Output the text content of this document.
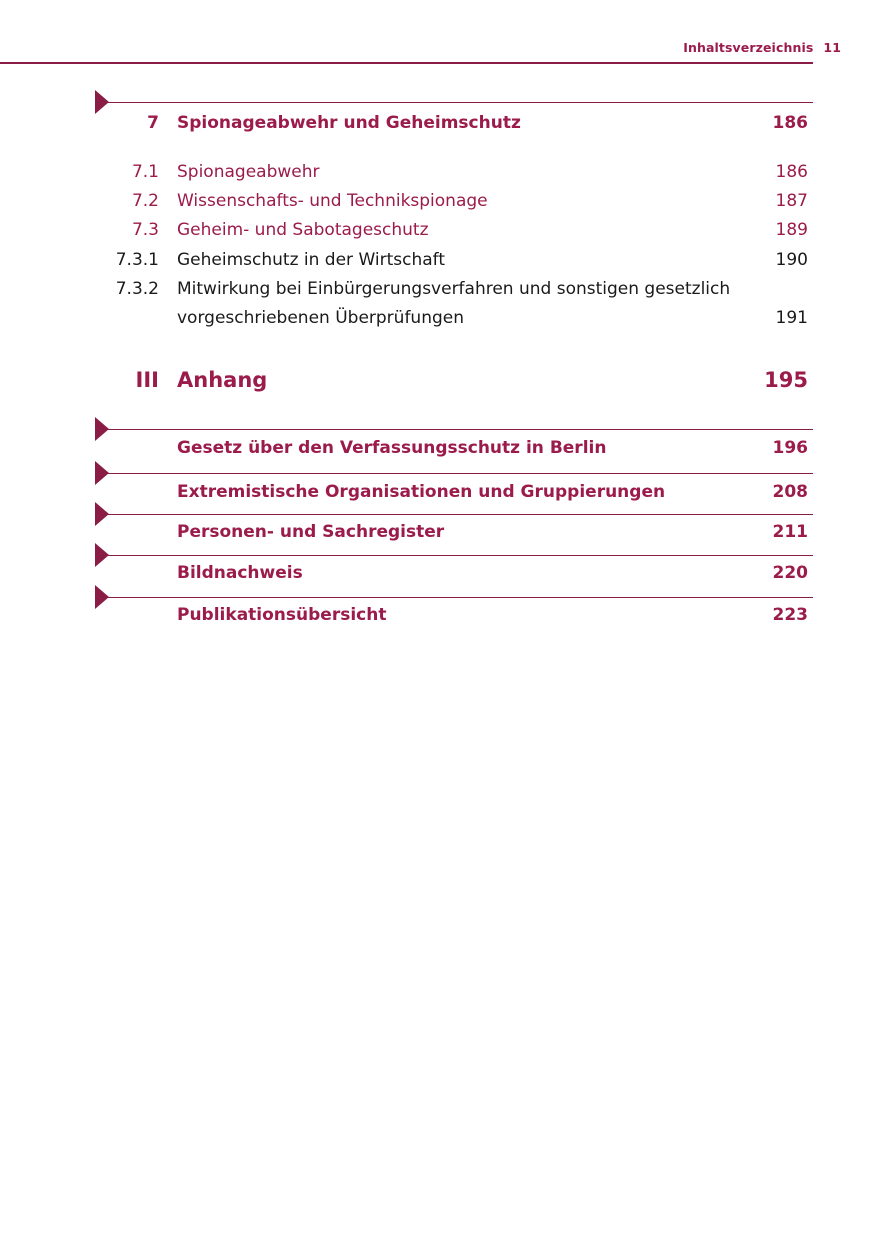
Inhaltsverzeichnis 11
7 Spionageabwehr und Geheimschutz	186
7.1 Spionageabwehr	186
7.2 Wissenschafts- und Technikspionage	187
7.3 Geheim- und Sabotageschutz	189
7.3.1 Geheimschutz in der Wirtschaft	190
7.3.2 Mitwirkung bei Einbürgerungsverfahren und sonstigen gesetzlich
vorgeschriebenen Überprüfungen	191
III Anhang	195
Gesetz über den Verfassungsschutz in Berlin	196
Extremistische Organisationen und Gruppierungen	208
Personen- und Sachregister	211
Bildnachweis	220
Publikationsübersicht	223
